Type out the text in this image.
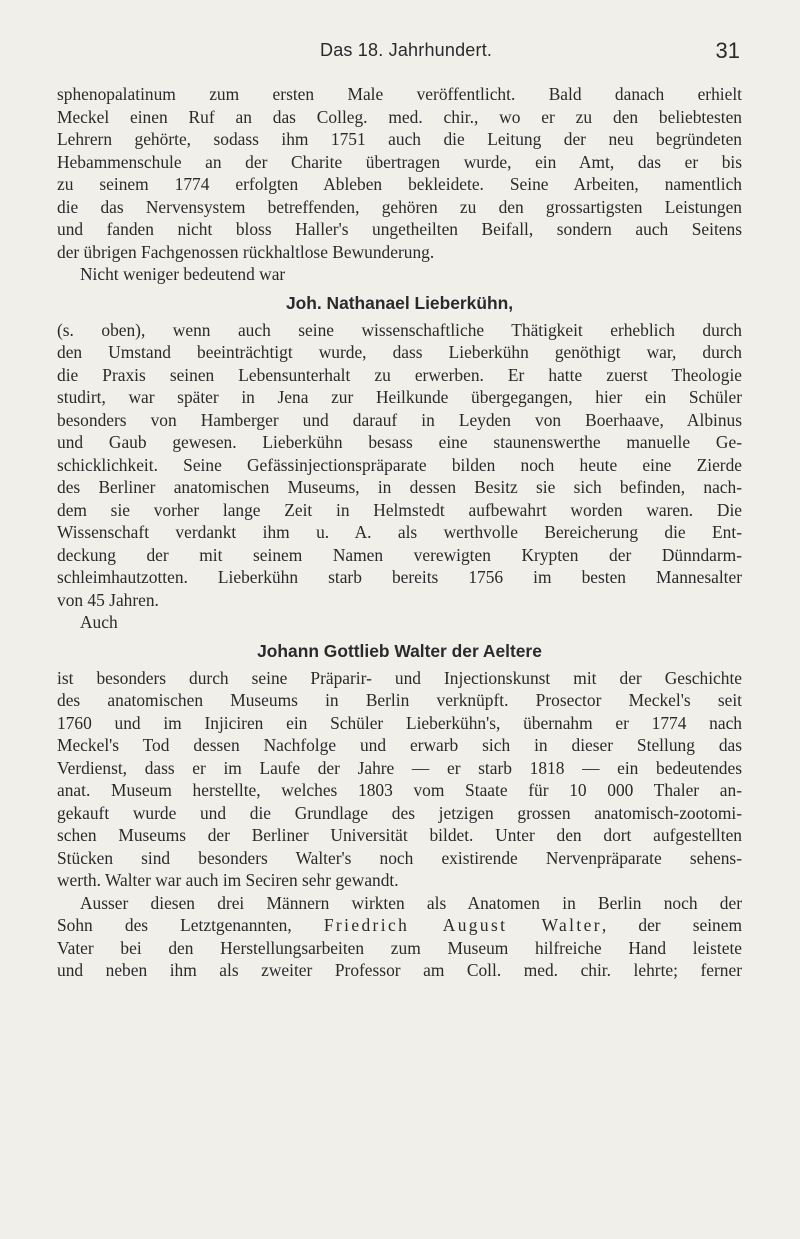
Das 18. Jahrhundert.	31
sphenopalatinum zum ersten Male veröffentlicht. Bald danach erhielt
Meckel einen Ruf an das Colleg. med. chir., wo er zu den beliebtesten
Lehrern gehörte, sodass ihm 1751 auch die Leitung der neu begründeten
Hebammenschule an der Charite übertragen wurde, ein Amt, das er bis
zu seinem 1774 erfolgten Ableben bekleidete. Seine Arbeiten, namentlich
die das Nervensystem betreffenden, gehören zu den grossartigsten Leistungen
und fanden nicht bloss Haller's ungetheilten Beifall, sondern auch Seitens
der übrigen Fachgenossen rückhaltlose Bewunderung.
Nicht weniger bedeutend war
Joh. Nathanael Lieberkühn,
(s. oben), wenn auch seine wissenschaftliche Thätigkeit erheblich durch
den Umstand beeinträchtigt wurde, dass Lieberkühn genöthigt war, durch
die Praxis seinen Lebensunterhalt zu erwerben. Er hatte zuerst Theologie
studirt, war später in Jena zur Heilkunde übergegangen, hier ein Schüler
besonders von Hamberger und darauf in Leyden von Boerhaave, Albinus
und Gaub gewesen. Lieberkühn besass eine staunenswerthe manuelle Ge-
schicklichkeit. Seine Gefässinjectionspräparate bilden noch heute eine Zierde
des Berliner anatomischen Museums, in dessen Besitz sie sich befinden, nach-
dem sie vorher lange Zeit in Helmstedt aufbewahrt worden waren. Die
Wissenschaft verdankt ihm u. A. als werthvolle Bereicherung die Ent-
deckung der mit seinem Namen verewigten Krypten der Dünndarm-
schleimhautzotten. Lieberkühn starb bereits 1756 im besten Mannesalter
von 45 Jahren.
Auch
Johann Gottlieb Walter der Aeltere
ist besonders durch seine Präparir- und Injectionskunst mit der Geschichte
des anatomischen Museums in Berlin verknüpft. Prosector Meckel's seit
1760 und im Injiciren ein Schüler Lieberkühn's, übernahm er 1774 nach
Meckel's Tod dessen Nachfolge und erwarb sich in dieser Stellung das
Verdienst, dass er im Laufe der Jahre — er starb 1818 — ein bedeutendes
anat. Museum herstellte, welches 1803 vom Staate für 10 000 Thaler an-
gekauft wurde und die Grundlage des jetzigen grossen anatomisch-zootomi-
schen Museums der Berliner Universität bildet. Unter den dort aufgestellten
Stücken sind besonders Walter's noch existirende Nervenpräparate sehens-
werth. Walter war auch im Seciren sehr gewandt.
Ausser diesen drei Männern wirkten als Anatomen in Berlin noch der
Sohn des Letztgenannten, Friedrich August Walter, der seinem
Vater bei den Herstellungsarbeiten zum Museum hilfreiche Hand leistete
und neben ihm als zweiter Professor am Coll. med. chir. lehrte; ferner
